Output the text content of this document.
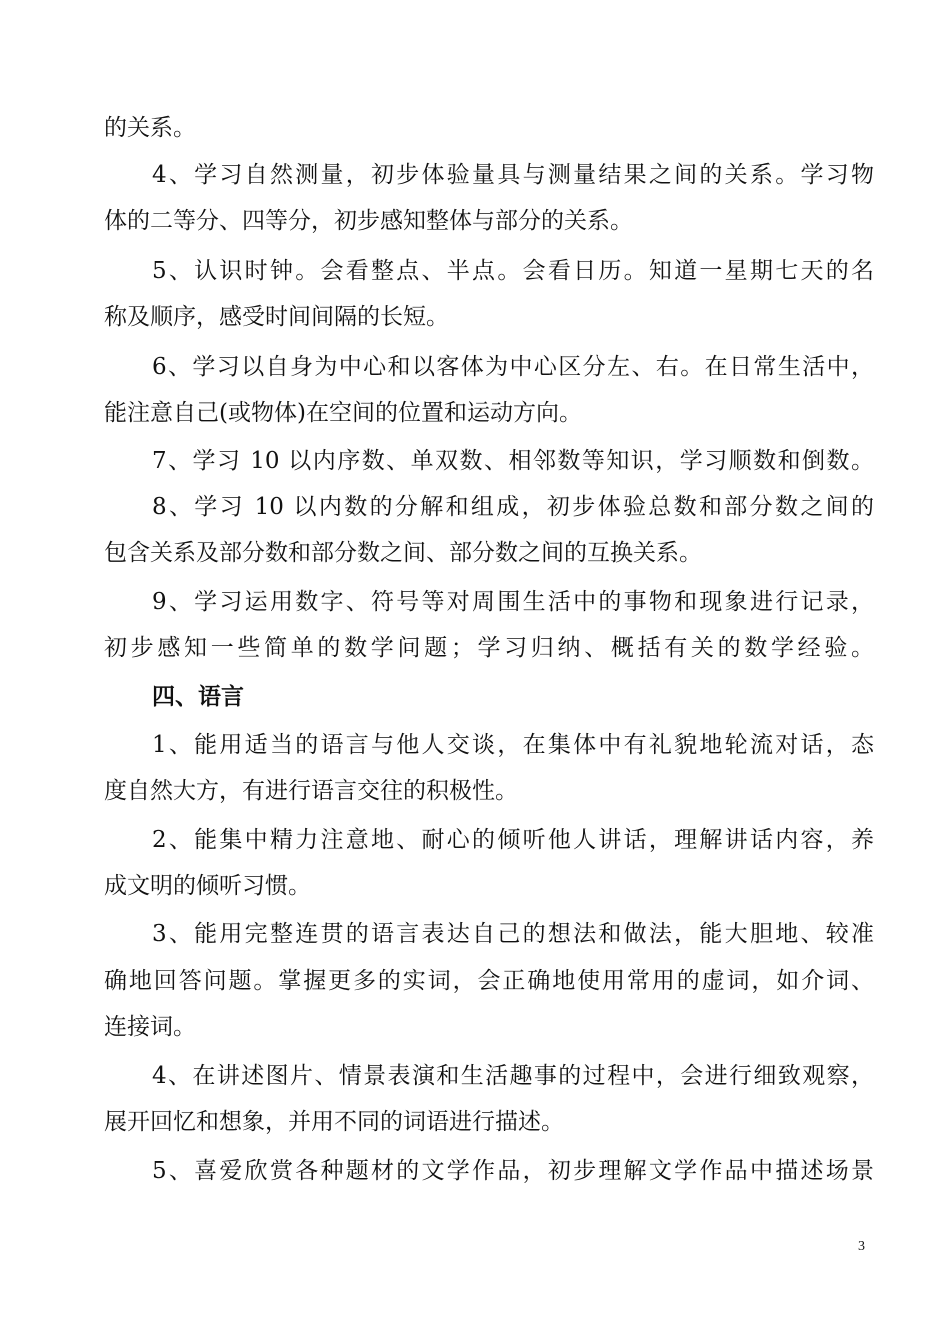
的关系。
4、学习自然测量，初步体验量具与测量结果之间的关系。学习物
体的二等分、四等分，初步感知整体与部分的关系。
5、认识时钟。会看整点、半点。会看日历。知道一星期七天的名
称及顺序，感受时间间隔的长短。
6、学习以自身为中心和以客体为中心区分左、右。在日常生活中，
能注意自己(或物体)在空间的位置和运动方向。
7、学习 10 以内序数、单双数、相邻数等知识，学习顺数和倒数。
8、学习 10 以内数的分解和组成，初步体验总数和部分数之间的
包含关系及部分数和部分数之间、部分数之间的互换关系。
9、学习运用数字、符号等对周围生活中的事物和现象进行记录，
初步感知一些简单的数学问题；学习归纳、概括有关的数学经验。
四、语言
1、能用适当的语言与他人交谈，在集体中有礼貌地轮流对话，态
度自然大方，有进行语言交往的积极性。
2、能集中精力注意地、耐心的倾听他人讲话，理解讲话内容，养
成文明的倾听习惯。
3、能用完整连贯的语言表达自己的想法和做法，能大胆地、较准
确地回答问题。掌握更多的实词，会正确地使用常用的虚词，如介词、
连接词。
4、在讲述图片、情景表演和生活趣事的过程中，会进行细致观察，
展开回忆和想象，并用不同的词语进行描述。
5、喜爱欣赏各种题材的文学作品，初步理解文学作品中描述场景
3
